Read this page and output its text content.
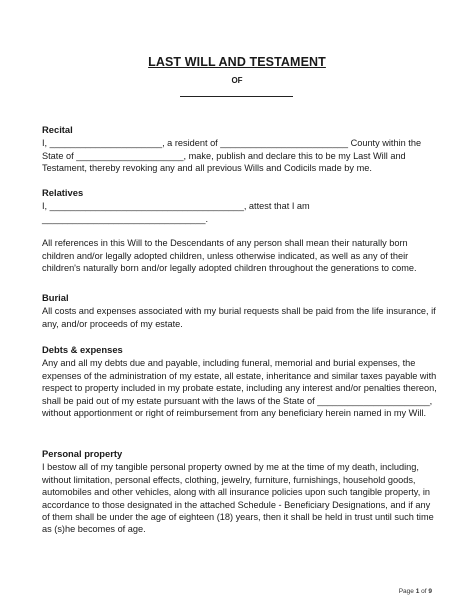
LAST WILL AND TESTAMENT
OF
Recital

I, ______________________, a resident of _________________________ County within the State of _____________________, make, publish and declare this to be my Last Will and Testament, thereby revoking any and all previous Wills and Codicils made by me.

Relatives

I, ______________________________________, attest that I am ________________________________.

All references in this Will to the Descendants of any person shall mean their naturally born children and/or legally adopted children, unless otherwise indicated, as well as any of their children's naturally born and/or legally adopted children throughout the generations to come.

Burial

All costs and expenses associated with my burial requests shall be paid from the life insurance, if any, and/or proceeds of my estate.

Debts & expenses

Any and all my debts due and payable, including funeral, memorial and burial expenses, the expenses of the administration of my estate, all estate, inheritance and similar taxes payable with respect to property included in my probate estate, including any interest and/or penalties thereon, shall be paid out of my estate pursuant with the laws of the State of ______________________, without apportionment or right of reimbursement from any beneficiary herein named in my Will.

Personal property

I bestow all of my tangible personal property owned by me at the time of my death, including, without limitation, personal effects, clothing, jewelry, furniture, furnishings, household goods, automobiles and other vehicles, along with all insurance policies upon such tangible property, in accordance to those designated in the attached Schedule - Beneficiary Designations, and if any of them shall be under the age of eighteen (18) years, then it shall be held in trust until such time as (s)he becomes of age.

Page 1 of 9
